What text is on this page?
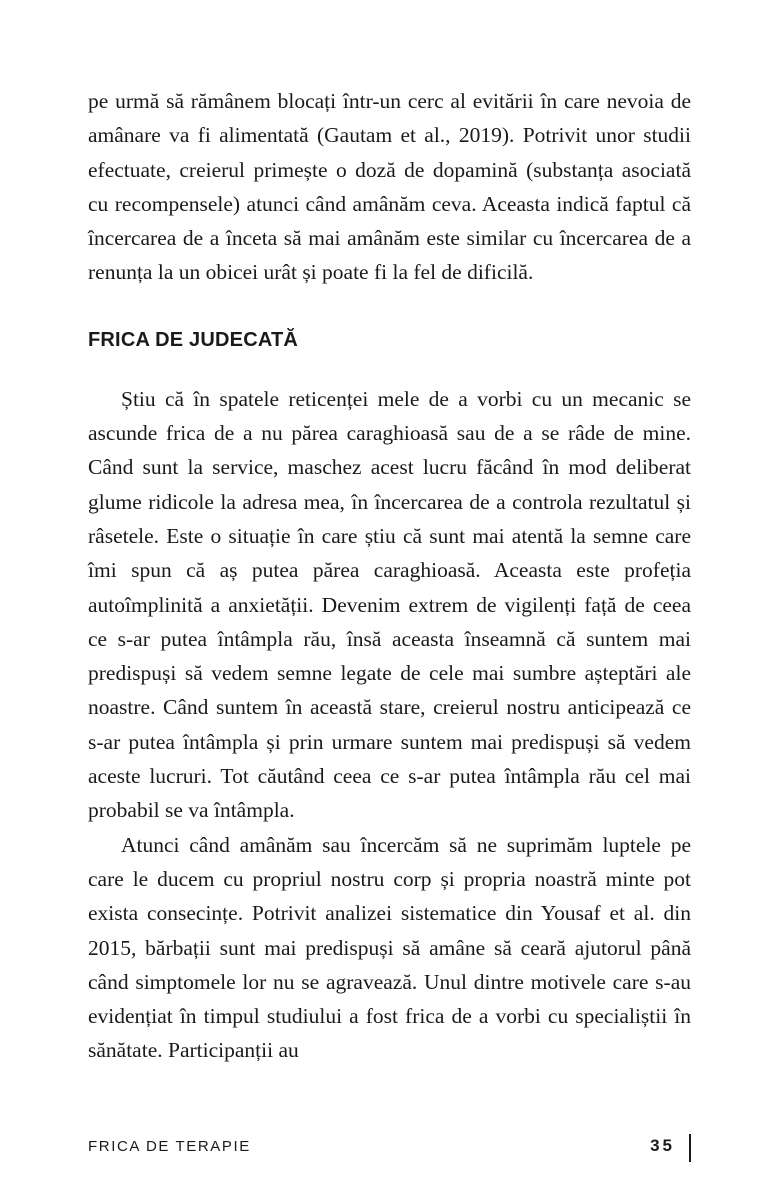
pe urmă să rămânem blocați într-un cerc al evitării în care nevoia de amânare va fi alimentată (Gautam et al., 2019). Potrivit unor studii efectuate, creierul primește o doză de dopamină (substanța asociată cu recompensele) atunci când amânăm ceva. Aceasta indică faptul că încercarea de a înceta să mai amânăm este similar cu încercarea de a renunța la un obicei urât și poate fi la fel de dificilă.

FRICA DE JUDECATĂ

Știu că în spatele reticenței mele de a vorbi cu un mecanic se ascunde frica de a nu părea caraghioasă sau de a se râde de mine. Când sunt la service, maschez acest lucru făcând în mod deliberat glume ridicole la adresa mea, în încercarea de a controla rezultatul și râsetele. Este o situație în care știu că sunt mai atentă la semne care îmi spun că aș putea părea caraghioasă. Aceasta este profeția autoîmplinită a anxietății. Devenim extrem de vigilenți față de ceea ce s-ar putea întâmpla rău, însă aceasta înseamnă că suntem mai predispuși să vedem semne legate de cele mai sumbre așteptări ale noastre. Când suntem în această stare, creierul nostru anticipează ce s-ar putea întâmpla și prin urmare suntem mai predispuși să vedem aceste lucruri. Tot căutând ceea ce s-ar putea întâmpla rău cel mai probabil se va întâmpla.

Atunci când amânăm sau încercăm să ne suprimăm luptele pe care le ducem cu propriul nostru corp și propria noastră minte pot exista consecințe. Potrivit analizei sistematice din Yousaf et al. din 2015, bărbații sunt mai predispuși să amâne să ceară ajutorul până când simptomele lor nu se agravează. Unul dintre motivele care s-au evidențiat în timpul studiului a fost frica de a vorbi cu specialiștii în sănătate. Participanții au

FRICA DE TERAPIE	35
